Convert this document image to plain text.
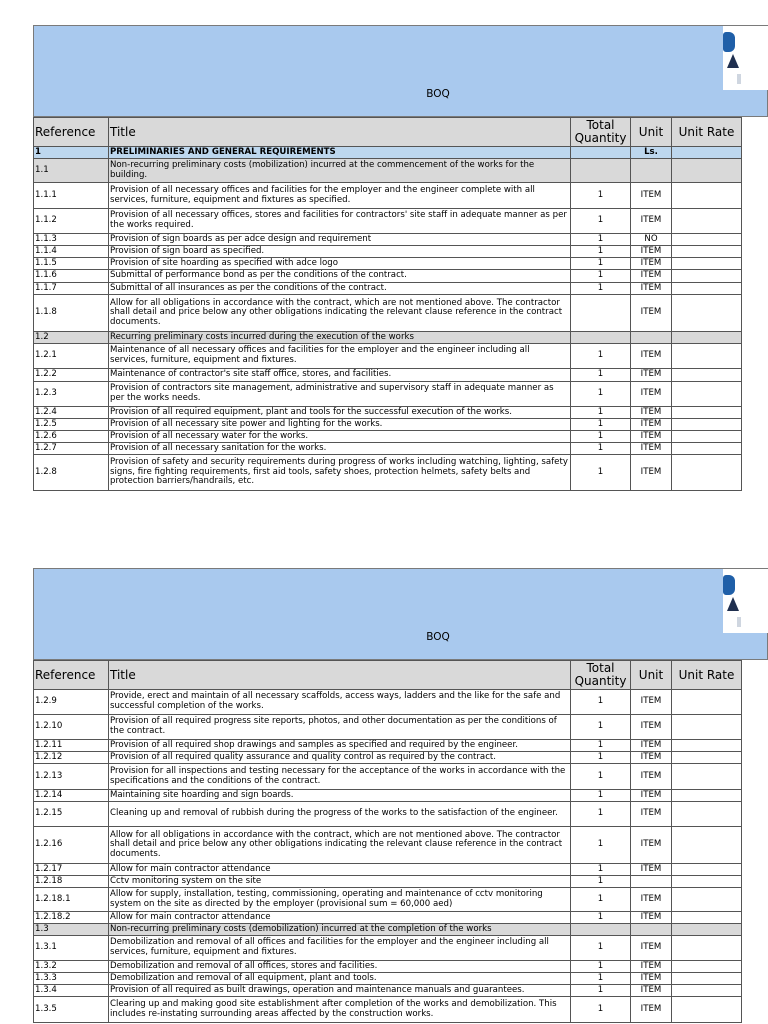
BOQ
Reference	Title	Total Quantity	Unit	Unit Rate
1	PRELIMINARIES AND GENERAL REQUIREMENTS		Ls.	
1.1	Non-recurring preliminary costs (mobilization) incurred at the commencement of the works for the building.			
1.1.1	Provision of all necessary offices and facilities for the employer and the engineer complete with all services, furniture, equipment and fixtures as specified.	1	ITEM	
1.1.2	Provision of all necessary offices, stores and facilities for contractors' site staff in adequate manner as per the works required.	1	ITEM	
1.1.3	Provision of sign boards as per adce design and requirement	1	NO	
1.1.4	Provision of sign board as specified.	1	ITEM	
1.1.5	Provision of site hoarding as specified with adce logo	1	ITEM	
1.1.6	Submittal of performance bond as per the conditions of the contract.	1	ITEM	
1.1.7	Submittal of all insurances as per the conditions of the contract.	1	ITEM	
1.1.8	Allow for all obligations in accordance with the contract, which are not mentioned above. The contractor shall detail and price below any other obligations indicating the relevant clause reference in the contract documents.		ITEM	
1.2	Recurring preliminary costs incurred during the execution of the works			
1.2.1	Maintenance of all necessary offices and facilities for the employer and the engineer including all services, furniture, equipment and fixtures.	1	ITEM	
1.2.2	Maintenance of contractor's site staff office, stores, and facilities.	1	ITEM	
1.2.3	Provision of contractors site management, administrative and supervisory staff in adequate manner as per the works needs.	1	ITEM	
1.2.4	Provision of all required equipment, plant and tools for the successful execution of the works.	1	ITEM	
1.2.5	Provision of all necessary site power and lighting for the works.	1	ITEM	
1.2.6	Provision of all necessary water for the works.	1	ITEM	
1.2.7	Provision of all necessary sanitation for the works.	1	ITEM	
1.2.8	Provision of safety and security requirements during progress of works including watching, lighting, safety signs, fire fighting requirements, first aid tools, safety shoes, protection helmets, safety belts and protection barriers/handrails, etc.	1	ITEM	
BOQ
Reference	Title	Total Quantity	Unit	Unit Rate
1.2.9	Provide, erect and maintain of all necessary scaffolds, access ways, ladders and the like for the safe and successful completion of the works.	1	ITEM	
1.2.10	Provision of all required progress site reports, photos, and other documentation as per the conditions of the contract.	1	ITEM	
1.2.11	Provision of all required shop drawings and samples as specified and required by the engineer.	1	ITEM	
1.2.12	Provision of all required quality assurance and quality control as required by the contract.	1	ITEM	
1.2.13	Provision for all inspections and testing necessary for the acceptance of the works in accordance with the specifications and the conditions of the contract.	1	ITEM	
1.2.14	Maintaining site hoarding and sign boards.	1	ITEM	
1.2.15	Cleaning up and removal of rubbish during the progress of the works to the satisfaction of the engineer.	1	ITEM	
1.2.16	Allow for all obligations in accordance with the contract, which are not mentioned above. The contractor shall detail and price below any other obligations indicating the relevant clause reference in the contract documents.	1	ITEM	
1.2.17	Allow for main contractor attendance	1	ITEM	
1.2.18	Cctv monitoring system on the site	1		
1.2.18.1	Allow for supply, installation, testing, commissioning, operating and maintenance of cctv monitoring system on the site as directed by the employer (provisional sum = 60,000 aed)	1	ITEM	
1.2.18.2	Allow for main contractor attendance	1	ITEM	
1.3	Non-recurring preliminary costs (demobilization) incurred at the completion of the works			
1.3.1	Demobilization and removal of all offices and facilities for the employer and the engineer including all services, furniture, equipment and fixtures.	1	ITEM	
1.3.2	Demobilization and removal of all offices, stores and facilities.	1	ITEM	
1.3.3	Demobilization and removal of all equipment, plant and tools.	1	ITEM	
1.3.4	Provision of all required as built drawings, operation and maintenance manuals and guarantees.	1	ITEM	
1.3.5	Clearing up and making good site establishment after completion of the works and demobilization. This includes re-instating surrounding areas affected by the construction works.	1	ITEM	
